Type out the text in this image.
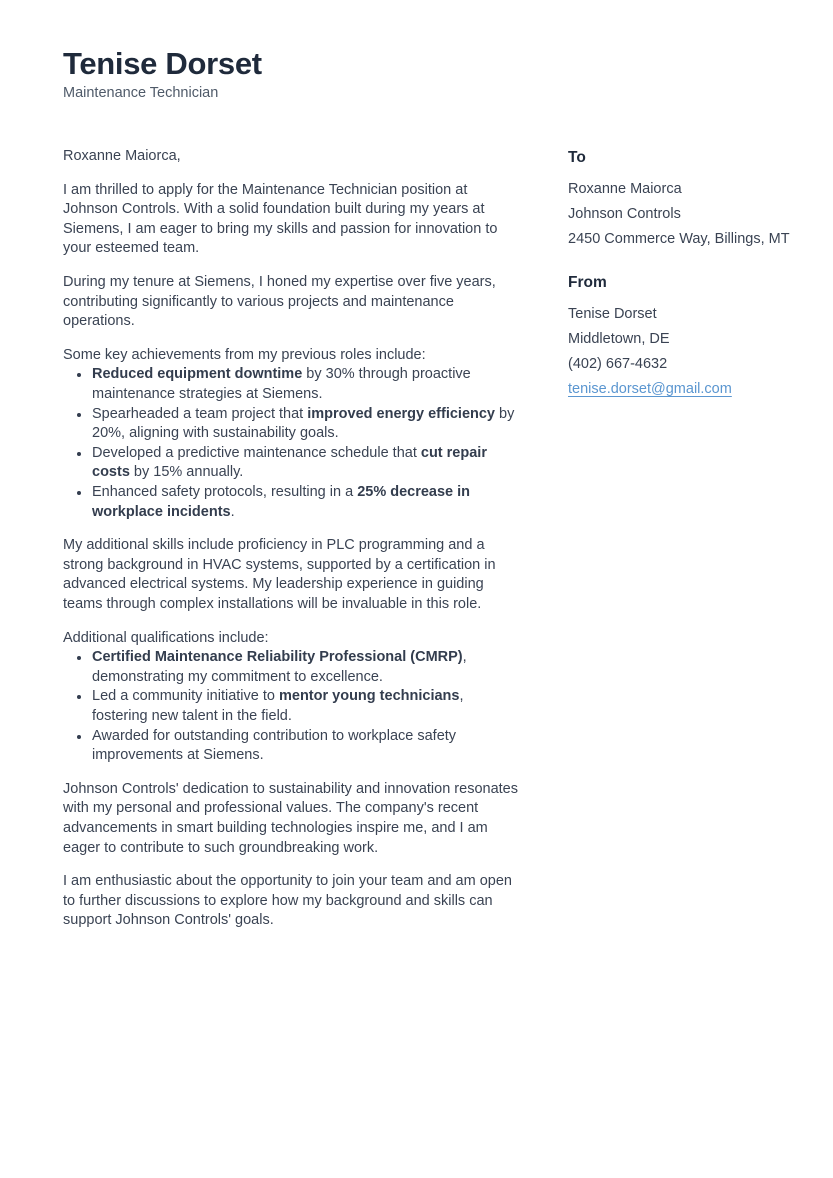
Tenise Dorset
Maintenance Technician

Roxanne Maiorca,

I am thrilled to apply for the Maintenance Technician position at Johnson Controls. With a solid foundation built during my years at Siemens, I am eager to bring my skills and passion for innovation to your esteemed team.

During my tenure at Siemens, I honed my expertise over five years, contributing significantly to various projects and maintenance operations.

Some key achievements from my previous roles include:

• Reduced equipment downtime by 30% through proactive maintenance strategies at Siemens.
• Spearheaded a team project that improved energy efficiency by 20%, aligning with sustainability goals.
• Developed a predictive maintenance schedule that cut repair costs by 15% annually.
• Enhanced safety protocols, resulting in a 25% decrease in workplace incidents.

My additional skills include proficiency in PLC programming and a strong background in HVAC systems, supported by a certification in advanced electrical systems. My leadership experience in guiding teams through complex installations will be invaluable in this role.

Additional qualifications include:

• Certified Maintenance Reliability Professional (CMRP), demonstrating my commitment to excellence.
• Led a community initiative to mentor young technicians, fostering new talent in the field.
• Awarded for outstanding contribution to workplace safety improvements at Siemens.

Johnson Controls' dedication to sustainability and innovation resonates with my personal and professional values. The company's recent advancements in smart building technologies inspire me, and I am eager to contribute to such groundbreaking work.

I am enthusiastic about the opportunity to join your team and am open to further discussions to explore how my background and skills can support Johnson Controls' goals.

To
Roxanne Maiorca
Johnson Controls
2450 Commerce Way, Billings, MT
From
Tenise Dorset
Middletown, DE
(402) 667-4632
tenise.dorset@gmail.com
